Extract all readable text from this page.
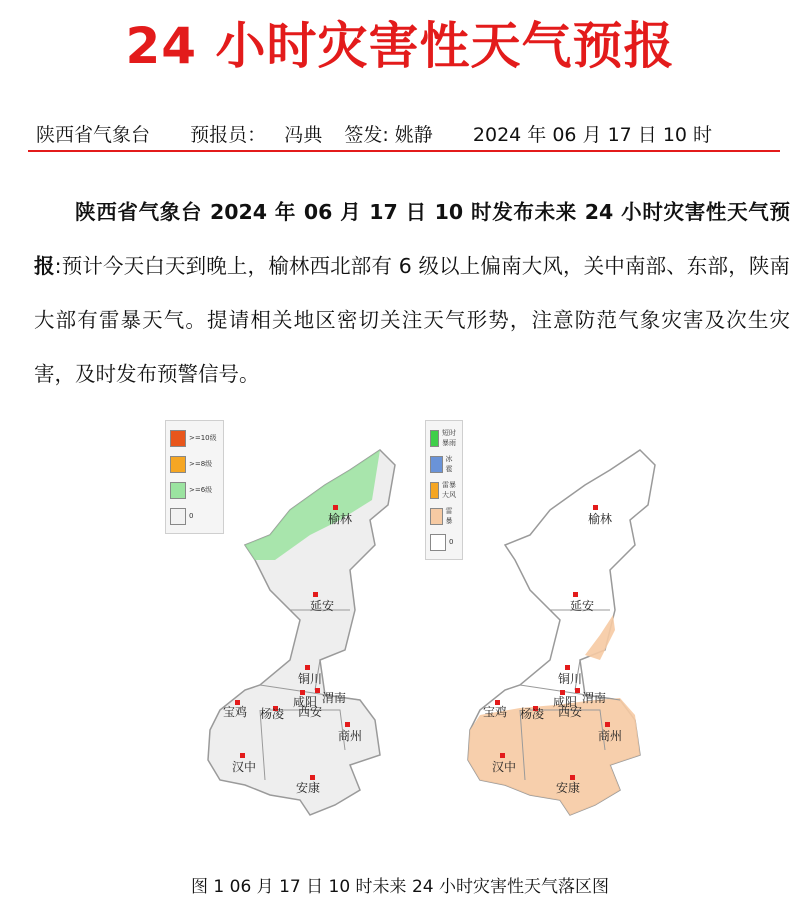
24 小时灾害性天气预报
陕西省气象台 预报员： 冯典 签发: 姚静 2024 年 06 月 17 日 10 时

陕西省气象台 2024 年 06 月 17 日 10 时发布未来 24 小时灾害性天气预报:预计今天白天到晚上，榆林西北部有 6 级以上偏南大风，关中南部、东部，陕南大部有雷暴天气。提请相关地区密切关注天气形势，注意防范气象灾害及次生灾害，及时发布预警信号。

>=10级
>=8级
>=6级
0	榆林
延安
铜川
渭南
咸阳
西安
杨凌
宝鸡
商州
汉中
安康
短时暴雨
冰雹
雷暴大风
雷暴
0
榆林
延安
铜川
渭南
咸阳
西安
杨凌
宝鸡
商州
汉中
安康
图 1 06 月 17 日 10 时未来 24 小时灾害性天气落区图
